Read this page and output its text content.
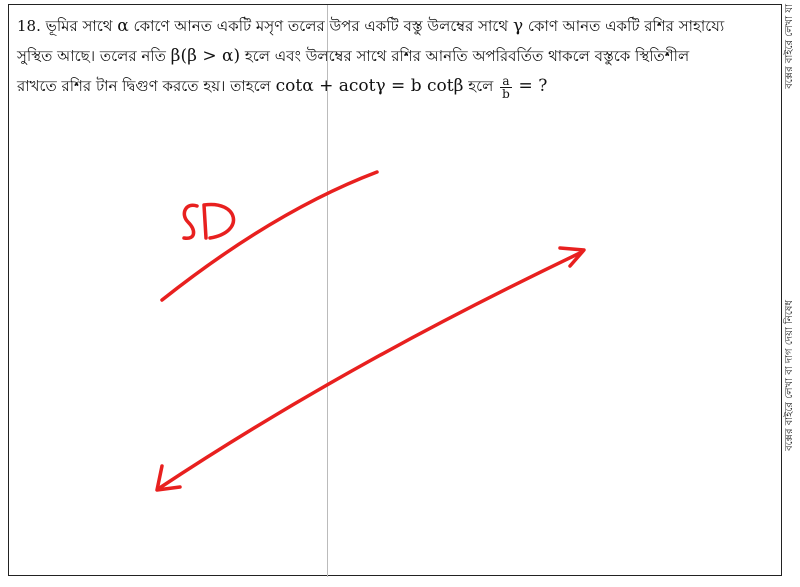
18. ভূমির সাথে α কোণে আনত একটি মসৃণ তলের উপর একটি বস্তু উলম্বের সাথে γ কোণ আনত একটি রশির সাহায্যে
সুস্থিত আছে। তলের নতি β(β > α) হলে এবং উলম্বের সাথে রশির আনতি অপরিবর্তিত থাকলে বস্তুকে স্থিতিশীল
রাখতে রশির টান দ্বিগুণ করতে হয়। তাহলে cotα + acotγ = b cotβ হলে $\frac{a}{b}$ = ?	বক্সের বাইরে লেখা যা
বক্সের বাইরে লেখা বা দাগ দেয়া নিষেধ
